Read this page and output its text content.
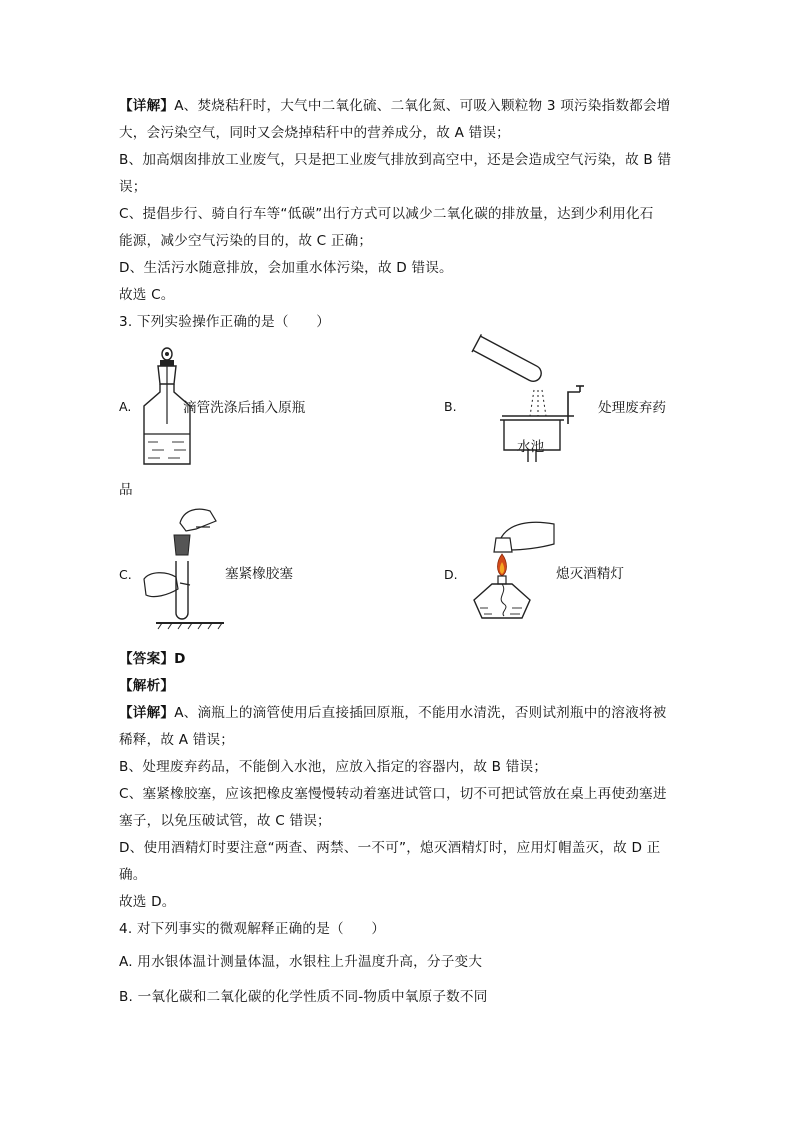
【详解】A、焚烧秸秆时，大气中二氧化硫、二氧化氮、可吸入颗粒物 3 项污染指数都会增
大，会污染空气，同时又会烧掉秸秆中的营养成分，故 A 错误；
B、加高烟囱排放工业废气，只是把工业废气排放到高空中，还是会造成空气污染，故 B 错
误；
C、提倡步行、骑自行车等“低碳”出行方式可以减少二氧化碳的排放量，达到少利用化石
能源，减少空气污染的目的，故 C 正确；
D、生活污水随意排放，会加重水体污染，故 D 错误。
故选 C。
3. 下列实验操作正确的是（　　）
A.	滴管洗涤后插入原瓶	B.
水池
处理废弃药
品
C.	塞紧橡胶塞	D.	熄灭酒精灯
【答案】D
【解析】
【详解】A、滴瓶上的滴管使用后直接插回原瓶，不能用水清洗，否则试剂瓶中的溶液将被
稀释，故 A 错误；
B、处理废弃药品，不能倒入水池，应放入指定的容器内，故 B 错误；
C、塞紧橡胶塞，应该把橡皮塞慢慢转动着塞进试管口，切不可把试管放在桌上再使劲塞进
塞子，以免压破试管，故 C 错误；
D、使用酒精灯时要注意“两查、两禁、一不可”，熄灭酒精灯时，应用灯帽盖灭，故 D 正
确。
故选 D。
4. 对下列事实的微观解释正确的是（　　）
A. 用水银体温计测量体温，水银柱上升温度升高，分子变大
B. 一氧化碳和二氧化碳的化学性质不同-物质中氧原子数不同
